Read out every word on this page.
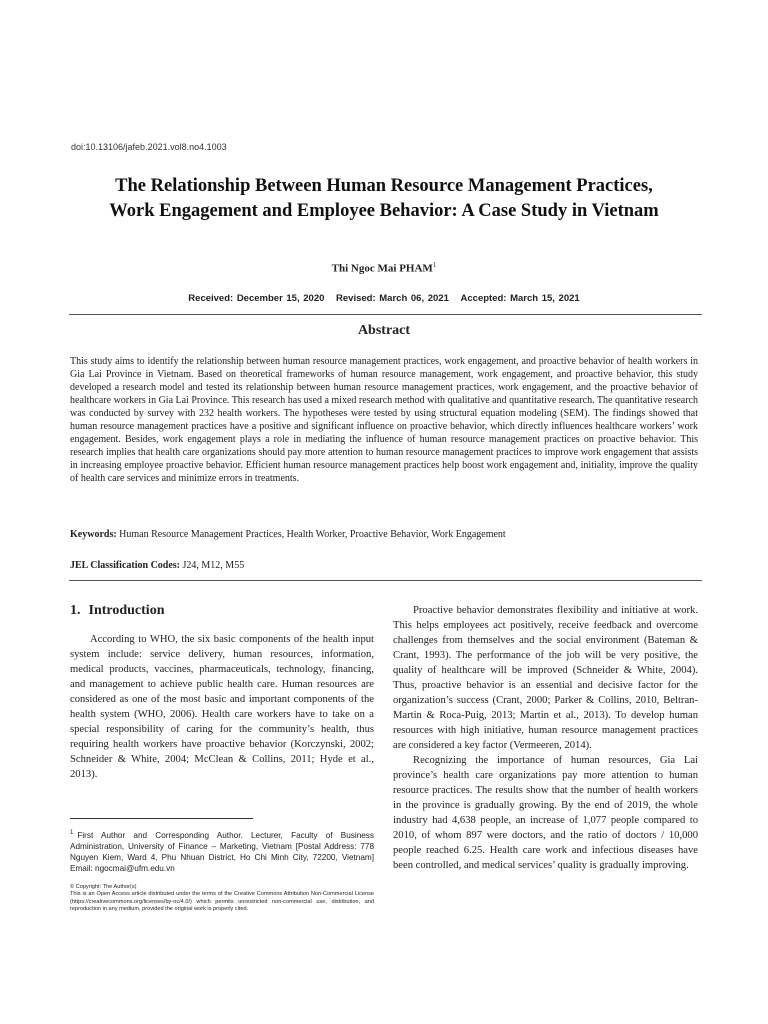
doi:10.13106/jafeb.2021.vol8.no4.1003
The Relationship Between Human Resource Management Practices,
Work Engagement and Employee Behavior: A Case Study in Vietnam
Thi Ngoc Mai PHAM$^1$
Received: December 15, 2020 Revised: March 06, 2021 Accepted: March 15, 2021
Abstract
This study aims to identify the relationship between human resource management practices, work engagement, and proactive behavior of health workers in Gia Lai Province in Vietnam. Based on theoretical frameworks of human resource management, work engagement, and proactive behavior, this study developed a research model and tested its relationship between human resource management practices, work engagement, and the proactive behavior of healthcare workers in Gia Lai Province. This research has used a mixed research method with qualitative and quantitative research. The quantitative research was conducted by survey with 232 health workers. The hypotheses were tested by using structural equation modeling (SEM). The findings showed that human resource management practices have a positive and significant influence on proactive behavior, which directly influences healthcare workers’ work engagement. Besides, work engagement plays a role in mediating the influence of human resource management practices on proactive behavior. This research implies that health care organizations should pay more attention to human resource management practices to improve work engagement that assists in increasing employee proactive behavior. Efficient human resource management practices help boost work engagement and, initiality, improve the quality of health care services and minimize errors in treatments.
Keywords: Human Resource Management Practices, Health Worker, Proactive Behavior, Work Engagement
JEL Classification Codes: J24, M12, M55
1. Introduction

According to WHO, the six basic components of the health input system include: service delivery, human resources, information, medical products, vaccines, pharmaceuticals, technology, financing, and management to achieve public health care. Human resources are considered as one of the most basic and important components of the health system (WHO, 2006). Health care workers have to take on a special responsibility of caring for the community’s health, thus requiring health workers have proactive behavior (Korczynski, 2002; Schneider & White, 2004; McClean & Collins, 2011; Hyde et al., 2013).

Proactive behavior demonstrates flexibility and initiative at work. This helps employees act positively, receive feedback and overcome challenges from themselves and the social environment (Bateman & Crant, 1993). The performance of the job will be very positive, the quality of healthcare will be improved (Schneider & White, 2004). Thus, proactive behavior is an essential and decisive factor for the organization’s success (Crant, 2000; Parker & Collins, 2010, Beltran-Martin & Roca-Puig, 2013; Martin et al., 2013). To develop human resources with high initiative, human resource management practices are considered a key factor (Vermeeren, 2014).

Recognizing the importance of human resources, Gia Lai province’s health care organizations pay more attention to human resource practices. The results show that the number of health workers in the province is gradually growing. By the end of 2019, the whole industry had 4,638 people, an increase of 1,077 people compared to 2010, of whom 897 were doctors, and the ratio of doctors / 10,000 people reached 6.25. Health care work and infectious diseases have been controlled, and medical services’ quality is gradually improving.

$^1$ First Author and Corresponding Author. Lecturer, Faculty of Business Administration, University of Finance – Marketing, Vietnam [Postal Address: 778 Nguyen Kiem, Ward 4, Phu Nhuan District, Ho Chi Minh City, 72200, Vietnam] Email: ngocmai@ufm.edu.vn
© Copyright: The Author(s)
This is an Open Access article distributed under the terms of the Creative Commons Attribution Non-Commercial License (https://creativecommons.org/licenses/by-nc/4.0/) which permits unrestricted non-commercial use, distribution, and reproduction in any medium, provided the original work is properly cited.
